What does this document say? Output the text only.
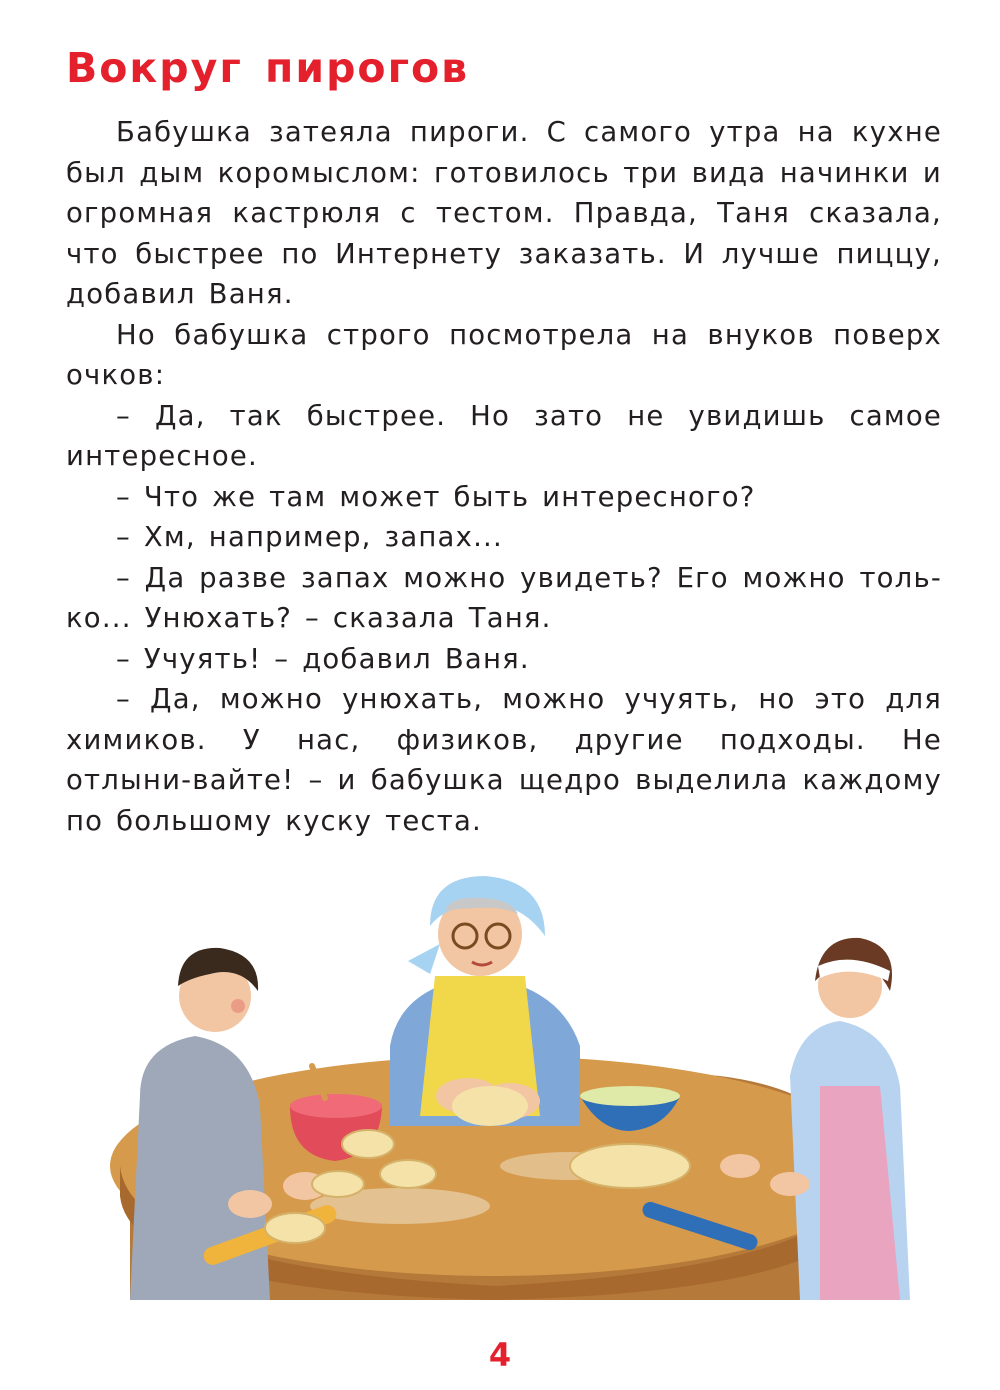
Вокруг пирогов

Бабушка затеяла пироги. С самого утра на кухне был дым коромыслом: готовилось три вида начинки и огромная кастрюля с тестом. Правда, Таня сказала, что быстрее по Интернету заказать. И лучше пиццу, добавил Ваня.

Но бабушка строго посмотрела на внуков поверх очков:

– Да, так быстрее. Но зато не увидишь самое интересное.

– Что же там может быть интересного?

– Хм, например, запах...

– Да разве запах можно увидеть? Его можно толь-ко... Унюхать? – сказала Таня.

– Учуять! – добавил Ваня.

– Да, можно унюхать, можно учуять, но это для химиков. У нас, физиков, другие подходы. Не отлыни-вайте! – и бабушка щедро выделила каждому по большому куску теста.

4
